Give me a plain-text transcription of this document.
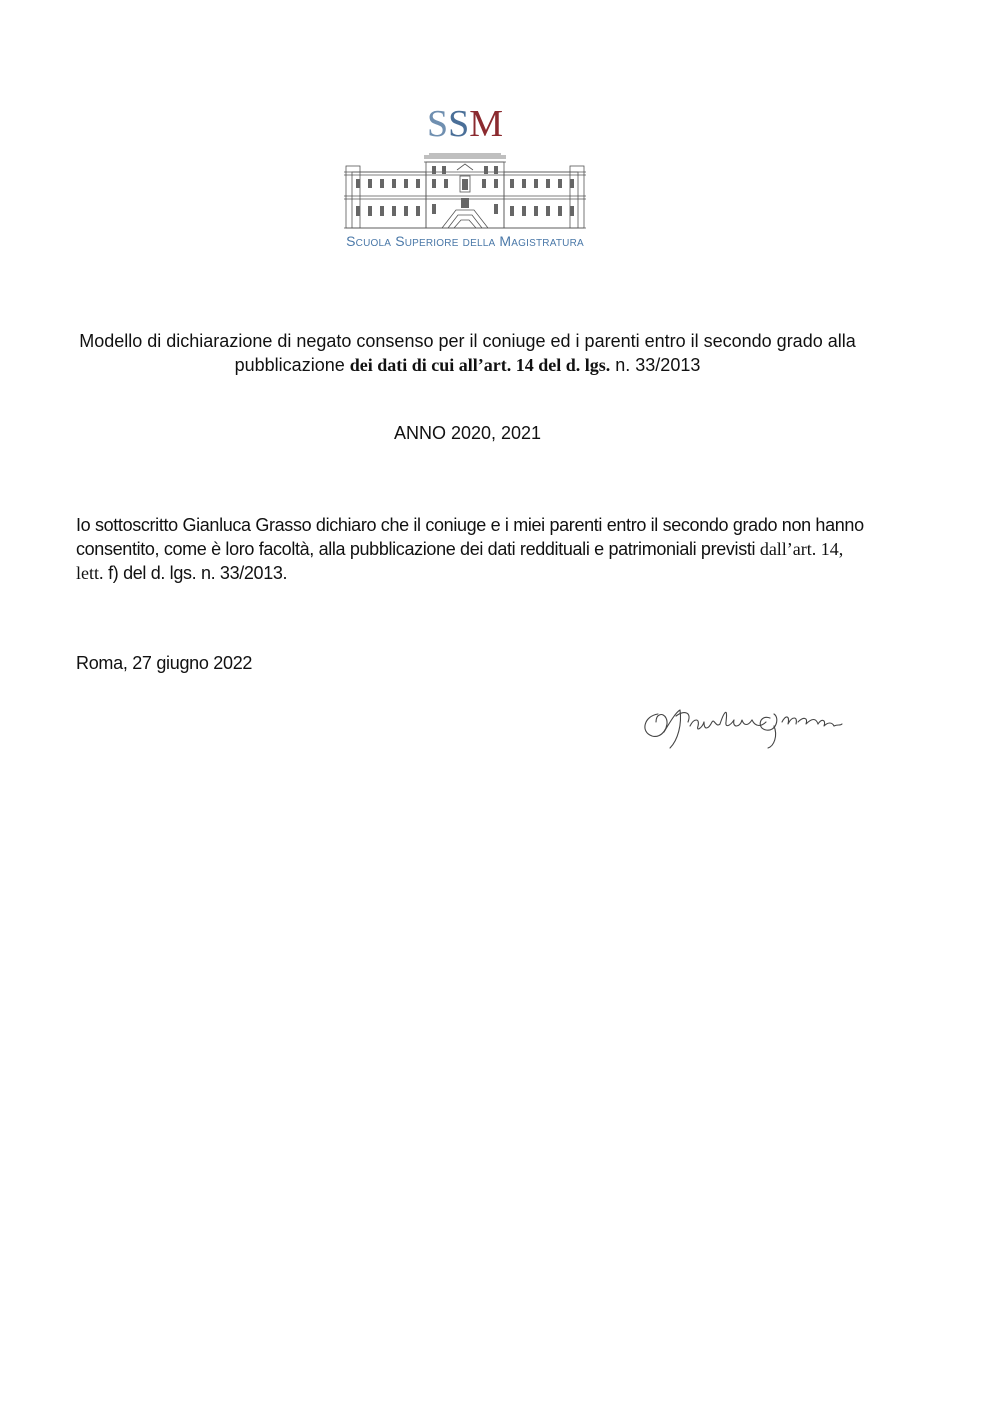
SSM
Scuola Superiore della Magistratura
Modello di dichiarazione di negato consenso per il coniuge ed i parenti entro il secondo grado alla pubblicazione dei dati di cui all’art. 14 del d. lgs. n. 33/2013
ANNO 2020, 2021
Io sottoscritto Gianluca Grasso dichiaro che il coniuge e i miei parenti entro il secondo grado non hanno consentito, come è loro facoltà, alla pubblicazione dei dati reddituali e patrimoniali previsti dall’art. 14, lett. f) del d. lgs. n. 33/2013.
Roma, 27 giugno 2022
